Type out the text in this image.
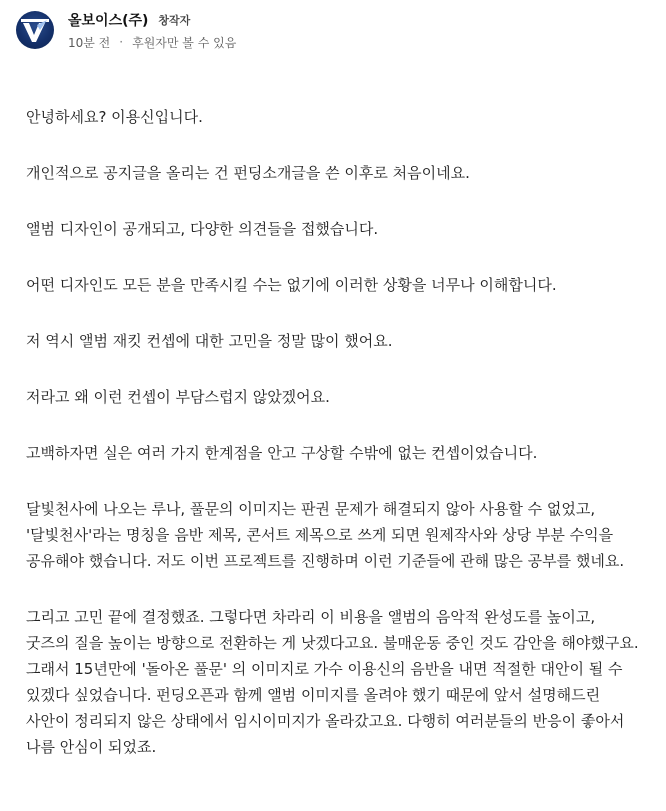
올보이스(주) 창작자
10분 전 · 후원자만 볼 수 있음

안녕하세요? 이용신입니다.

개인적으로 공지글을 올리는 건 펀딩소개글을 쓴 이후로 처음이네요.

앨범 디자인이 공개되고, 다양한 의견들을 접했습니다.

어떤 디자인도 모든 분을 만족시킬 수는 없기에 이러한 상황을 너무나 이해합니다.

저 역시 앨범 재킷 컨셉에 대한 고민을 정말 많이 했어요.

저라고 왜 이런 컨셉이 부담스럽지 않았겠어요.

고백하자면 실은 여러 가지 한계점을 안고 구상할 수밖에 없는 컨셉이었습니다.

달빛천사에 나오는 루나, 풀문의 이미지는 판권 문제가 해결되지 않아 사용할 수 없었고, '달빛천사'라는 명칭을 음반 제목, 콘서트 제목으로 쓰게 되면 원제작사와 상당 부분 수익을 공유해야 했습니다. 저도 이번 프로젝트를 진행하며 이런 기준들에 관해 많은 공부를 했네요.

그리고 고민 끝에 결정했죠. 그렇다면 차라리 이 비용을 앨범의 음악적 완성도를 높이고, 굿즈의 질을 높이는 방향으로 전환하는 게 낫겠다고요. 불매운동 중인 것도 감안을 해야했구요. 그래서 15년만에 '돌아온 풀문' 의 이미지로 가수 이용신의 음반을 내면 적절한 대안이 될 수 있겠다 싶었습니다. 펀딩오픈과 함께 앨범 이미지를 올려야 했기 때문에 앞서 설명해드린 사안이 정리되지 않은 상태에서 임시이미지가 올라갔고요. 다행히 여러분들의 반응이 좋아서 나름 안심이 되었죠.
